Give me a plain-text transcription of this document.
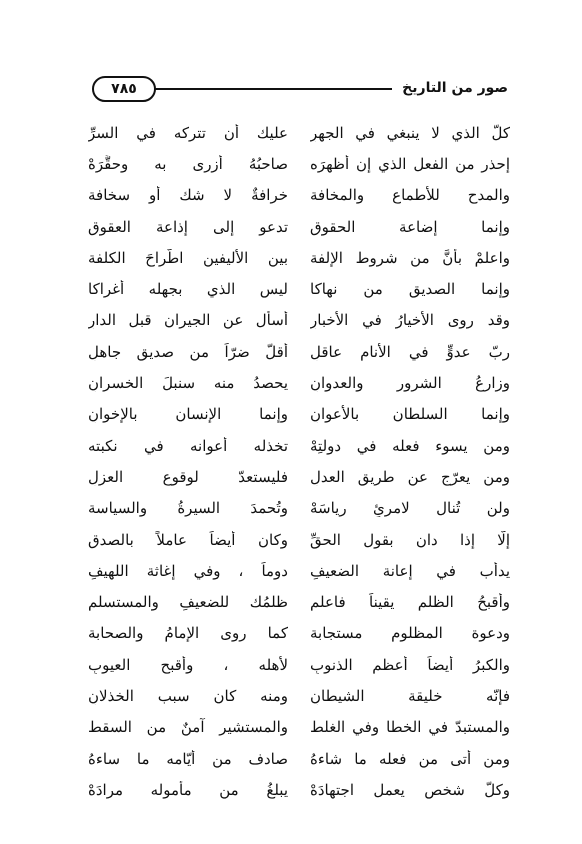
٧٨٥	صور من التاريخ
كلُّ الذي لا ينبغي في الجهرِ
عليك أن تتركه في السرِّ
إحذر من الفعل الذي إن أظهرَه
صاحبُهُ أزرى به وحقَّرَهْ
والمدح للأطماع والمخافة
خرافةٌ لا شك أو سخافة
وإنما إضاعة الحقوقِ
تدعو إلى إذاعة العقوقِ
واعلمْ بأنَّ من شروط الإلفة
بين الأليفين اطّراحَ الكلفة
وإنما الصديق من نهاكا
ليس الذي بجهله أغراكا
وقد روى الأخيارُ في الأخبارِ
أسأل عن الجيران قبل الدارِ
ربّ عدوٍّ في الأنام عاقلِ
أقلّ ضرّاً من صديقٍ جاهلِ
وزارعُ الشرور والعدوانِ
يحصدُ منه سنبلَ الخسرانِ
وإنما السلطان بالأعوانِ
وإنما الإنسان بالإخوانِ
ومن يسوء فعله في دولتِهْ
تخذله أعوانه في نكبته
ومن يعرّج عن طريق العدلِ
فليستعدّ لوقوع العزلِ
ولن تُنال لامرئٍ رياسَهْ
وتُحمدَ السيرةُ والسياسة
إلّا إذا دان بقول الحقِّ
وكان أيضاً عاملاً بالصدقِ
يدأب في إعانة الضعيفِ
دوماً ، وفي إغاثة اللهيفِ
وأقبحُ الظلم يقيناً فاعلم
ظلمُك للضعيفِ والمستسلم
ودعوة المظلوم مستجابة
كما روى الإمامُ والصحابة
والكبرُ أيضاً أعظم الذنوبِ
لأهله ، وأقبح العيوبِ
فإنّه خليقة الشيطانِ
ومنه كان سبب الخذلانِ
والمستبدّ في الخطا وفي الغلط
والمستشير آمنٌ من السقط
ومن أتى من فعله ما شاءهُ
صادف من أيّامه ما ساءهُ
وكلّ شخصٍ يعمل اجتهادَهْ
يبلغُ من مأموله مرادَهْ
